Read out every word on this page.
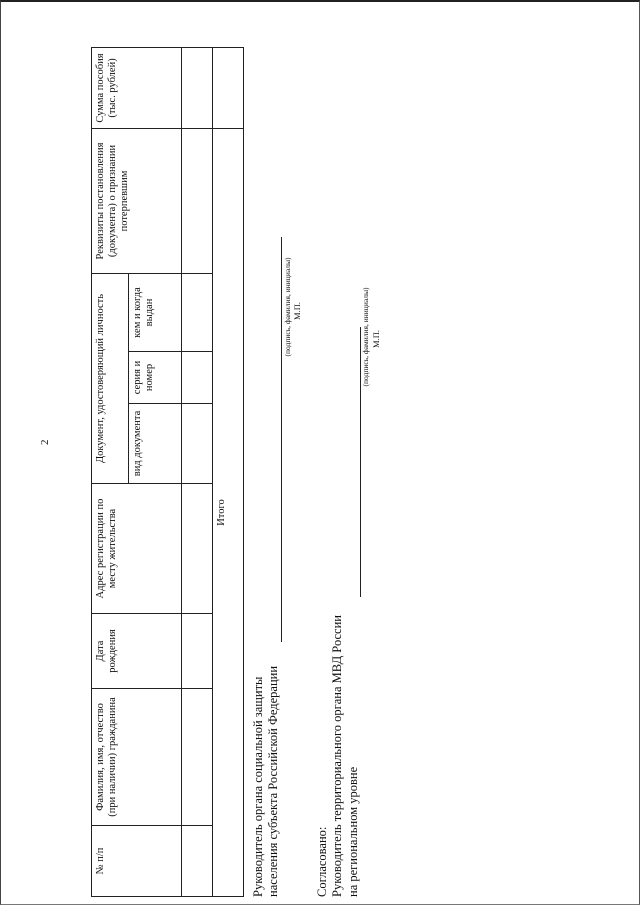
2
№ п/п	Фамилия, имя, отчество (при наличии) гражданина	Дата рождения	Адрес регистрации по месту жительства	Документ, удостоверяющий личность			Реквизиты постановления (документа) о признании потерпевшим	Сумма пособия (тыс. рублей)
				вид документа	серия и номер	кем и когда выдан		

Итого								
Руководитель органа социальной защиты населения субъекта Российской Федерации
(подпись, фамилия, инициалы) М.П.
Согласовано: Руководитель территориального органа МВД России на региональном уровне
(подпись, фамилия, инициалы) М.П.
